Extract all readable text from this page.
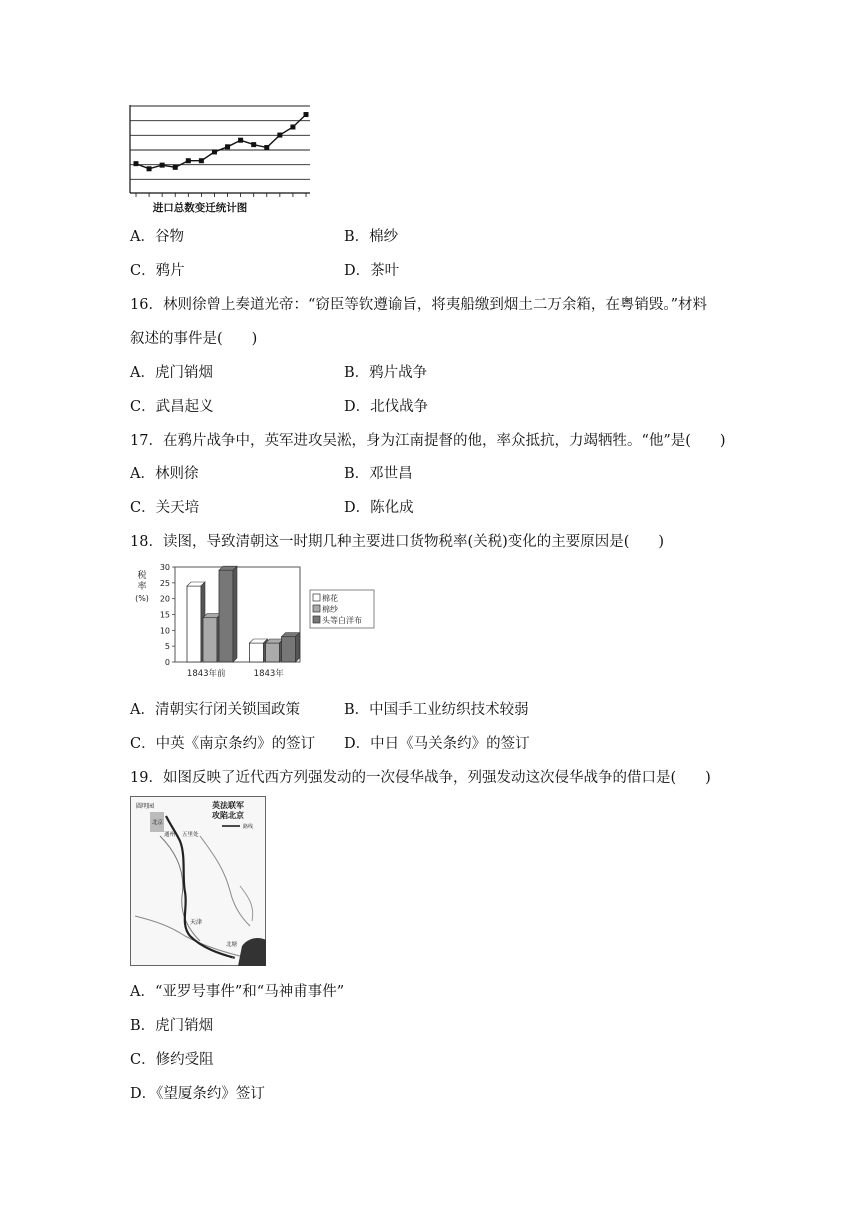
进口总数变迁统计图
A．谷物	B．棉纱
C．鸦片	D．茶叶
16．林则徐曾上奏道光帝：“窃臣等钦遵谕旨，将夷船缴到烟土二万余箱，在粤销毁。”材料
叙述的事件是(　　)
A．虎门销烟	B．鸦片战争
C．武昌起义	D．北伐战争
17．在鸦片战争中，英军进攻吴淞，身为江南提督的他，率众抵抗，力竭牺牲。“他”是(　　)
A．林则徐	B．邓世昌
C．关天培	D．陈化成
18．读图，导致清朝这一时期几种主要进口货物税率(关税)变化的主要原因是(　　)
税
率
(%)
0
5
10
15
20
25
30
1843年前	1843年
棉花
棉纱
头等白洋布
A．清朝实行闭关锁国政策	B．中国手工业纺织技术较弱
C．中英《南京条约》的签订 D．中日《马关条约》的签订
19．如图反映了近代西方列强发动的一次侵华战争，列强发动这次侵华战争的借口是(　　)
英法联军
攻陷北京
路线
圆明园
北京
通州 五里处
天津
大沽
北塘
A．“亚罗号事件”和“马神甫事件”
B．虎门销烟
C．修约受阻
D．《望厦条约》签订
